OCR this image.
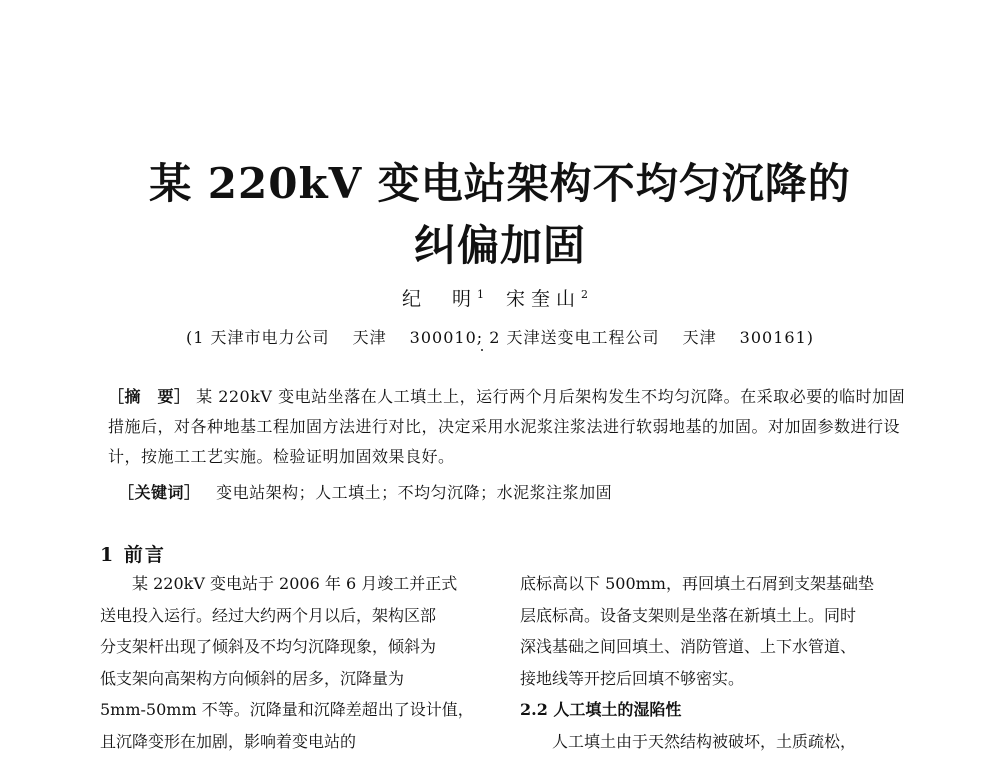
某 220kV 变电站架构不均匀沉降的
纠偏加固
纪　明$^1$ 宋奎山$^2$
(1 天津市电力公司　 天津　 300010; 2 天津送变电工程公司　 天津　 300161)
［摘　要］ 某 220kV 变电站坐落在人工填土上，运行两个月后架构发生不均匀沉降。在采取必要的临时加固措施后，对各种地基工程加固方法进行对比，决定采用水泥浆注浆法进行软弱地基的加固。对加固参数进行设计，按施工工艺实施。检验证明加固效果良好。
［关键词］ 变电站架构；人工填土；不均匀沉降；水泥浆注浆加固
1 前言
　　某 220kV 变电站于 2006 年 6 月竣工并正式
送电投入运行。经过大约两个月以后，架构区部
分支架杆出现了倾斜及不均匀沉降现象，倾斜为
低支架向高架构方向倾斜的居多，沉降量为
5mm-50mm 不等。沉降量和沉降差超出了设计值，
且沉降变形在加剧，影响着变电站的
底标高以下 500mm，再回填土石屑到支架基础垫
层底标高。设备支架则是坐落在新填土上。同时
深浅基础之间回填土、消防管道、上下水管道、
接地线等开挖后回填不够密实。
2.2 人工填土的湿陷性
　　人工填土由于天然结构被破坏，土质疏松，
